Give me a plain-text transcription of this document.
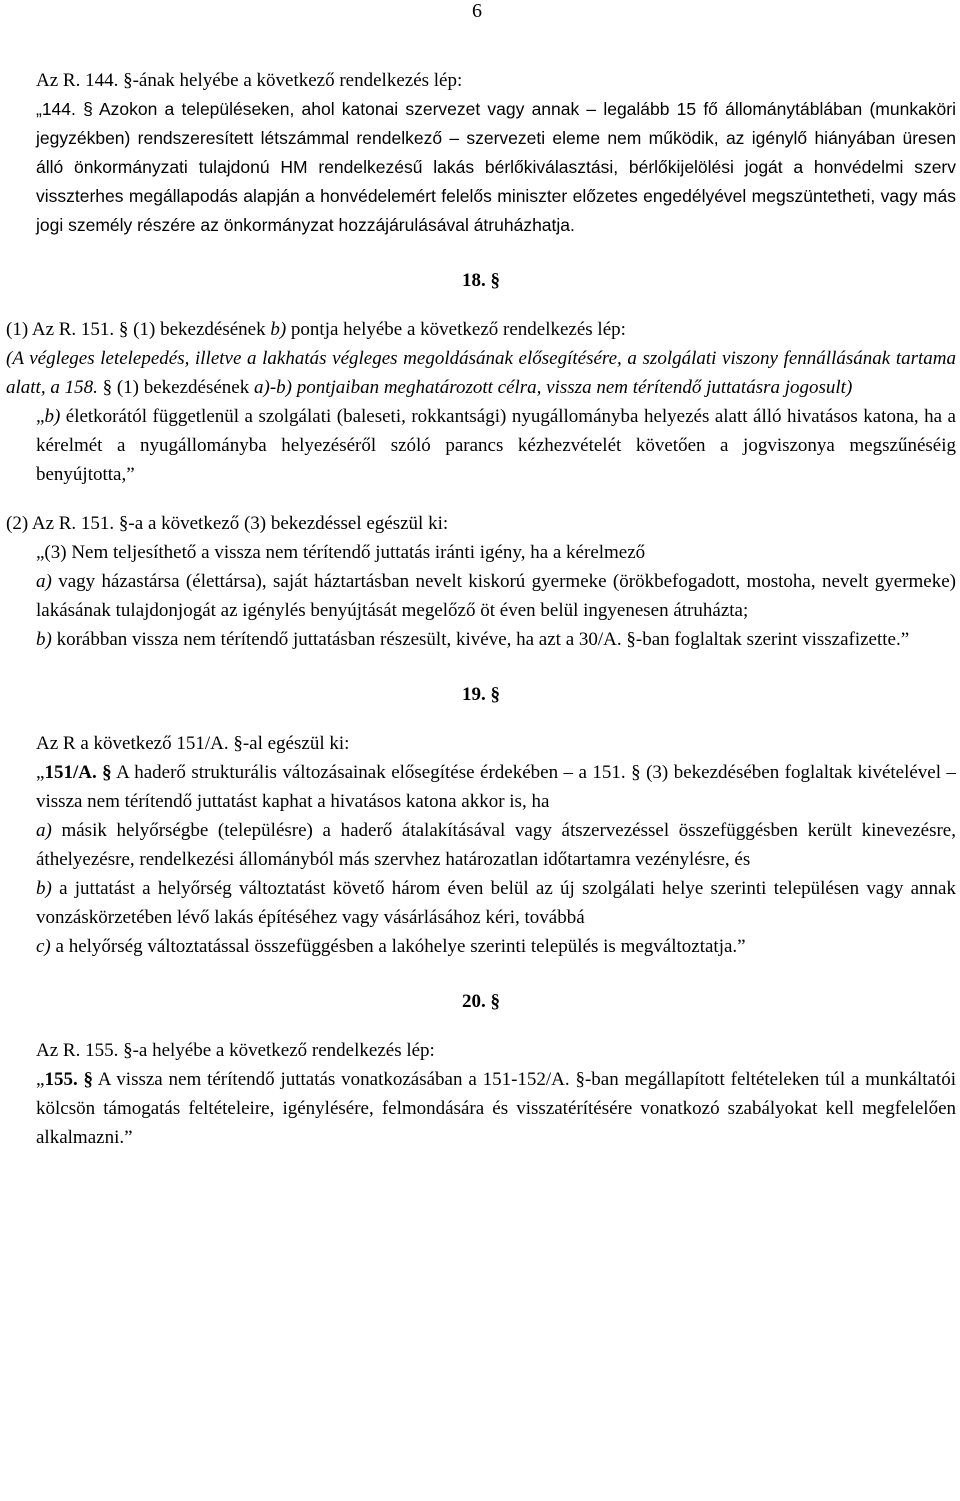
6

Az R. 144. §-ának helyébe a következő rendelkezés lép:

„144. § Azokon a településeken, ahol katonai szervezet vagy annak – legalább 15 fő állománytáblában (munkaköri jegyzékben) rendszeresített létszámmal rendelkező – szervezeti eleme nem működik, az igénylő hiányában üresen álló önkormányzati tulajdonú HM rendelkezésű lakás bérlőkiválasztási, bérlőkijelölési jogát a honvédelmi szerv visszterhes megállapodás alapján a honvédelemért felelős miniszter előzetes engedélyével megszüntetheti, vagy más jogi személy részére az önkormányzat hozzájárulásával átruházhatja.

18. §

(1) Az R. 151. § (1) bekezdésének b) pontja helyébe a következő rendelkezés lép:

(A végleges letelepedés, illetve a lakhatás végleges megoldásának elősegítésére, a szolgálati viszony fennállásának tartama alatt, a 158. § (1) bekezdésének a)-b) pontjaiban meghatározott célra, vissza nem térítendő juttatásra jogosult)

„b) életkorától függetlenül a szolgálati (baleseti, rokkantsági) nyugállományba helyezés alatt álló hivatásos katona, ha a kérelmét a nyugállományba helyezéséről szóló parancs kézhezvételét követően a jogviszonya megszűnéséig benyújtotta,”

(2) Az R. 151. §-a a következő (3) bekezdéssel egészül ki:

„(3) Nem teljesíthető a vissza nem térítendő juttatás iránti igény, ha a kérelmező

a) vagy házastársa (élettársa), saját háztartásban nevelt kiskorú gyermeke (örökbefogadott, mostoha, nevelt gyermeke) lakásának tulajdonjogát az igénylés benyújtását megelőző öt éven belül ingyenesen átruházta;

b) korábban vissza nem térítendő juttatásban részesült, kivéve, ha azt a 30/A. §-ban foglaltak szerint visszafizette.”

19. §

Az R a következő 151/A. §-al egészül ki:

„151/A. § A haderő strukturális változásainak elősegítése érdekében – a 151. § (3) bekezdésében foglaltak kivételével – vissza nem térítendő juttatást kaphat a hivatásos katona akkor is, ha

a) másik helyőrségbe (településre) a haderő átalakításával vagy átszervezéssel összefüggésben került kinevezésre, áthelyezésre, rendelkezési állományból más szervhez határozatlan időtartamra vezénylésre, és

b) a juttatást a helyőrség változtatást követő három éven belül az új szolgálati helye szerinti településen vagy annak vonzáskörzetében lévő lakás építéséhez vagy vásárlásához kéri, továbbá

c) a helyőrség változtatással összefüggésben a lakóhelye szerinti település is megváltoztatja.”

20. §

Az R. 155. §-a helyébe a következő rendelkezés lép:

„155. § A vissza nem térítendő juttatás vonatkozásában a 151-152/A. §-ban megállapított feltételeken túl a munkáltatói kölcsön támogatás feltételeire, igénylésére, felmondására és visszatérítésére vonatkozó szabályokat kell megfelelően alkalmazni.”
